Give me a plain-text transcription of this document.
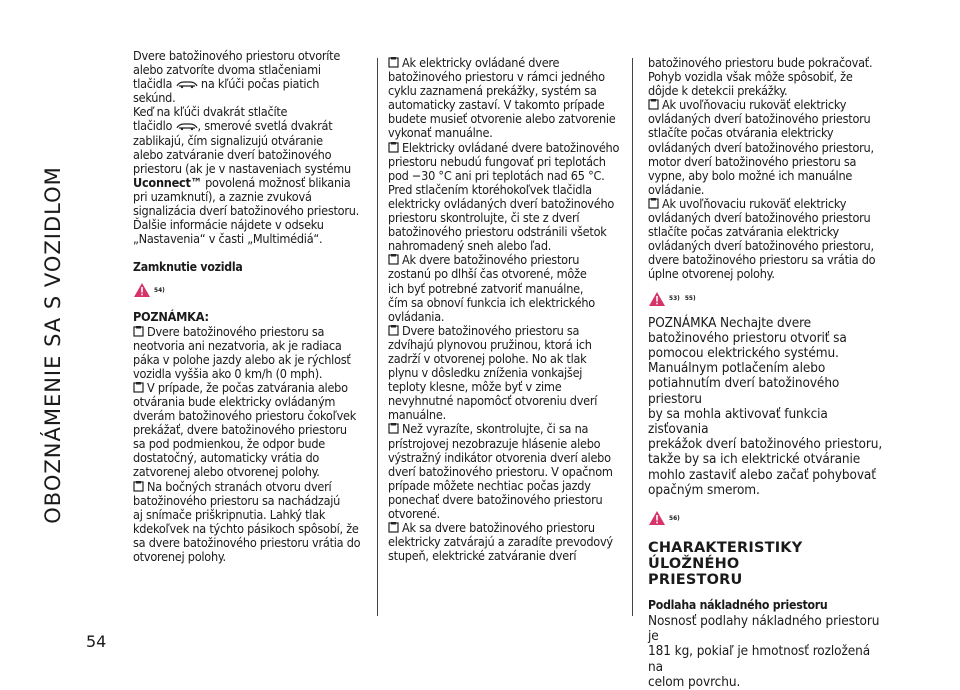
OBOZNÁMENIE SA S VOZIDLOM
54

Dvere batožinového priestoru otvoríte

alebo zatvoríte dvoma stlačeniami

tlačidla na kľúči počas piatich

sekúnd.

Keď na kľúči dvakrát stlačíte

tlačidlo , smerové svetlá dvakrát

zablikajú, čím signalizujú otváranie

alebo zatváranie dverí batožinového

priestoru (ak je v nastaveniach systému

Uconnect™ povolená možnosť blikania

pri uzamknutí), a zaznie zvuková

signalizácia dverí batožinového priestoru.

Ďalšie informácie nájdete v odseku

„Nastavenia“ v časti „Multimédiá“.

Zamknutie vozidla

54)

POZNÁMKA:

Dvere batožinového priestoru sa

neotvoria ani nezatvoria, ak je radiaca

páka v polohe jazdy alebo ak je rýchlosť

vozidla vyššia ako 0 km/h (0 mph).

V prípade, že počas zatvárania alebo

otvárania bude elektricky ovládaným

dverám batožinového priestoru čokoľvek

prekážať, dvere batožinového priestoru

sa pod podmienkou, že odpor bude

dostatočný, automaticky vrátia do

zatvorenej alebo otvorenej polohy.

Na bočných stranách otvoru dverí

batožinového priestoru sa nachádzajú

aj snímače priškripnutia. Lahký tlak

kdekoľvek na týchto pásikoch spôsobí, že

sa dvere batožinového priestoru vrátia do

otvorenej polohy.

Ak elektricky ovládané dvere

batožinového priestoru v rámci jedného

cyklu zaznamená prekážky, systém sa

automaticky zastaví. V takomto prípade

budete musieť otvorenie alebo zatvorenie

vykonať manuálne.

Elektricky ovládané dvere batožinového

priestoru nebudú fungovať pri teplotách

pod −30 °C ani pri teplotách nad 65 °C.

Pred stlačením ktoréhokoľvek tlačidla

elektricky ovládaných dverí batožinového

priestoru skontrolujte, či ste z dverí

batožinového priestoru odstránili všetok

nahromadený sneh alebo ľad.

Ak dvere batožinového priestoru

zostanú po dlhší čas otvorené, môže

ich byť potrebné zatvoriť manuálne,

čím sa obnoví funkcia ich elektrického

ovládania.

Dvere batožinového priestoru sa

zdvíhajú plynovou pružinou, ktorá ich

zadrží v otvorenej polohe. No ak tlak

plynu v dôsledku zníženia vonkajšej

teploty klesne, môže byť v zime

nevyhnutné napomôcť otvoreniu dverí

manuálne.

Než vyrazíte, skontrolujte, či sa na

prístrojovej nezobrazuje hlásenie alebo

výstražný indikátor otvorenia dverí alebo

dverí batožinového priestoru. V opačnom

prípade môžete nechtiac počas jazdy

ponechať dvere batožinového priestoru

otvorené.

Ak sa dvere batožinového priestoru

elektricky zatvárajú a zaradíte prevodový

stupeň, elektrické zatváranie dverí

batožinového priestoru bude pokračovať.

Pohyb vozidla však môže spôsobiť, že

dôjde k detekcii prekážky.

Ak uvoľňovaciu rukoväť elektricky

ovládaných dverí batožinového priestoru

stlačíte počas otvárania elektricky

ovládaných dverí batožinového priestoru,

motor dverí batožinového priestoru sa

vypne, aby bolo možné ich manuálne

ovládanie.

Ak uvoľňovaciu rukoväť elektricky

ovládaných dverí batožinového priestoru

stlačíte počas zatvárania elektricky

ovládaných dverí batožinového priestoru,

dvere batožinového priestoru sa vrátia do

úplne otvorenej polohy.

53) 55)

POZNÁMKA Nechajte dvere

batožinového priestoru otvoriť sa

pomocou elektrického systému.

Manuálnym potlačením alebo

potiahnutím dverí batožinového priestoru

by sa mohla aktivovať funkcia zisťovania

prekážok dverí batožinového priestoru,

takže by sa ich elektrické otváranie

mohlo zastaviť alebo začať pohybovať

opačným smerom.

56)

CHARAKTERISTIKY ÚLOŽNÉHO

PRIESTORU

Podlaha nákladného priestoru

Nosnosť podlahy nákladného priestoru je

181 kg, pokiaľ je hmotnosť rozložená na

celom povrchu.
